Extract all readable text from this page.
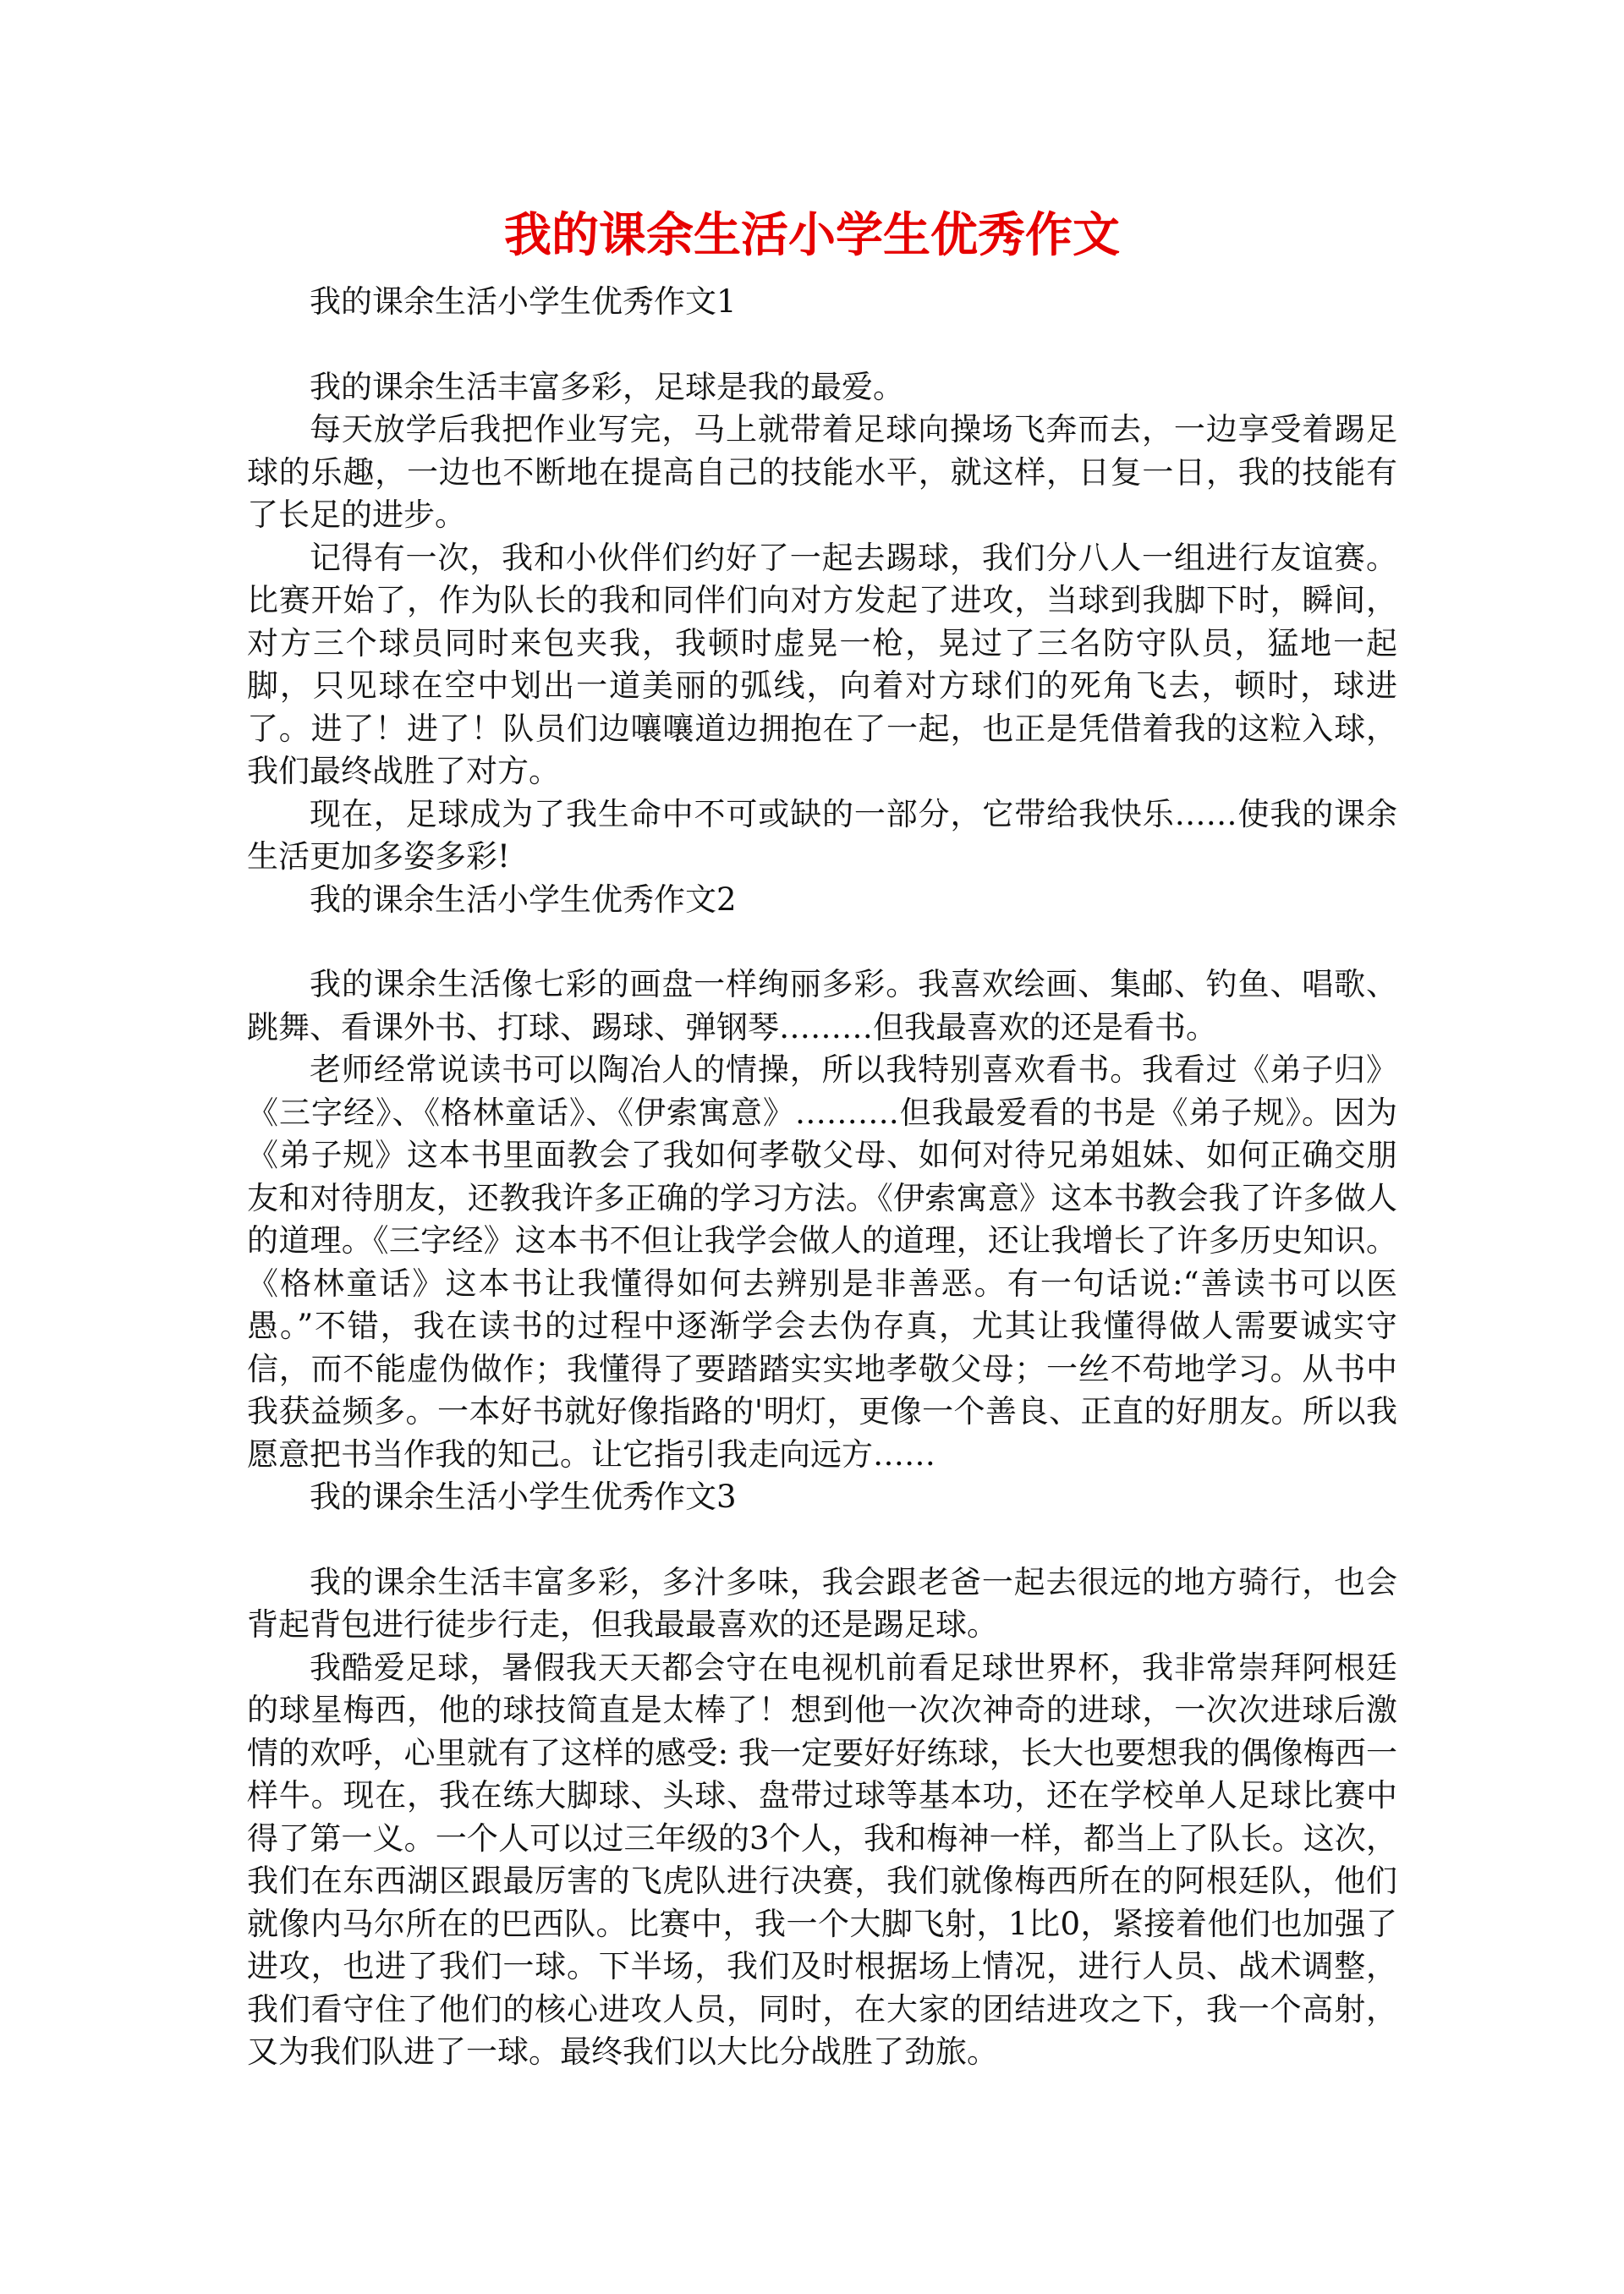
我的课余生活小学生优秀作文

我的课余生活小学生优秀作文1

我的课余生活丰富多彩，足球是我的最爱。

每天放学后我把作业写完，马上就带着足球向操场飞奔而去，一边享受着踢足球的乐趣，一边也不断地在提高自己的技能水平，就这样，日复一日，我的技能有了长足的进步。

记得有一次，我和小伙伴们约好了一起去踢球，我们分八人一组进行友谊赛。比赛开始了，作为队长的我和同伴们向对方发起了进攻，当球到我脚下时，瞬间，对方三个球员同时来包夹我，我顿时虚晃一枪，晃过了三名防守队员，猛地一起脚，只见球在空中划出一道美丽的弧线，向着对方球们的死角飞去，顿时，球进了。进了！进了！队员们边嚷嚷道边拥抱在了一起，也正是凭借着我的这粒入球，我们最终战胜了对方。

现在，足球成为了我生命中不可或缺的一部分，它带给我快乐……使我的课余生活更加多姿多彩!

我的课余生活小学生优秀作文2

我的课余生活像七彩的画盘一样绚丽多彩。我喜欢绘画、集邮、钓鱼、唱歌、跳舞、看课外书、打球、踢球、弹钢琴………但我最喜欢的还是看书。

老师经常说读书可以陶冶人的情操，所以我特别喜欢看书。我看过《弟子归》《三字经》、《格林童话》、《伊索寓意》……….但我最爱看的书是《弟子规》。因为《弟子规》这本书里面教会了我如何孝敬父母、如何对待兄弟姐妹、如何正确交朋友和对待朋友，还教我许多正确的学习方法。《伊索寓意》这本书教会我了许多做人的道理。《三字经》这本书不但让我学会做人的道理，还让我增长了许多历史知识。《格林童话》这本书让我懂得如何去辨别是非善恶。有一句话说:“善读书可以医愚。”不错，我在读书的过程中逐渐学会去伪存真，尤其让我懂得做人需要诚实守信，而不能虚伪做作；我懂得了要踏踏实实地孝敬父母；一丝不苟地学习。从书中我获益频多。一本好书就好像指路的'明灯，更像一个善良、正直的好朋友。所以我愿意把书当作我的知己。让它指引我走向远方……

我的课余生活小学生优秀作文3

我的课余生活丰富多彩，多汁多味，我会跟老爸一起去很远的地方骑行，也会背起背包进行徒步行走，但我最最喜欢的还是踢足球。

我酷爱足球，暑假我天天都会守在电视机前看足球世界杯，我非常崇拜阿根廷的球星梅西，他的球技简直是太棒了！想到他一次次神奇的进球，一次次进球后激情的欢呼，心里就有了这样的感受: 我一定要好好练球，长大也要想我的偶像梅西一样牛。现在，我在练大脚球、头球、盘带过球等基本功，还在学校单人足球比赛中得了第一义。一个人可以过三年级的3个人，我和梅神一样，都当上了队长。这次，我们在东西湖区跟最厉害的飞虎队进行决赛，我们就像梅西所在的阿根廷队，他们就像内马尔所在的巴西队。比赛中，我一个大脚飞射，1比0，紧接着他们也加强了进攻，也进了我们一球。下半场，我们及时根据场上情况，进行人员、战术调整，我们看守住了他们的核心进攻人员，同时，在大家的团结进攻之下，我一个高射，又为我们队进了一球。最终我们以大比分战胜了劲旅。
